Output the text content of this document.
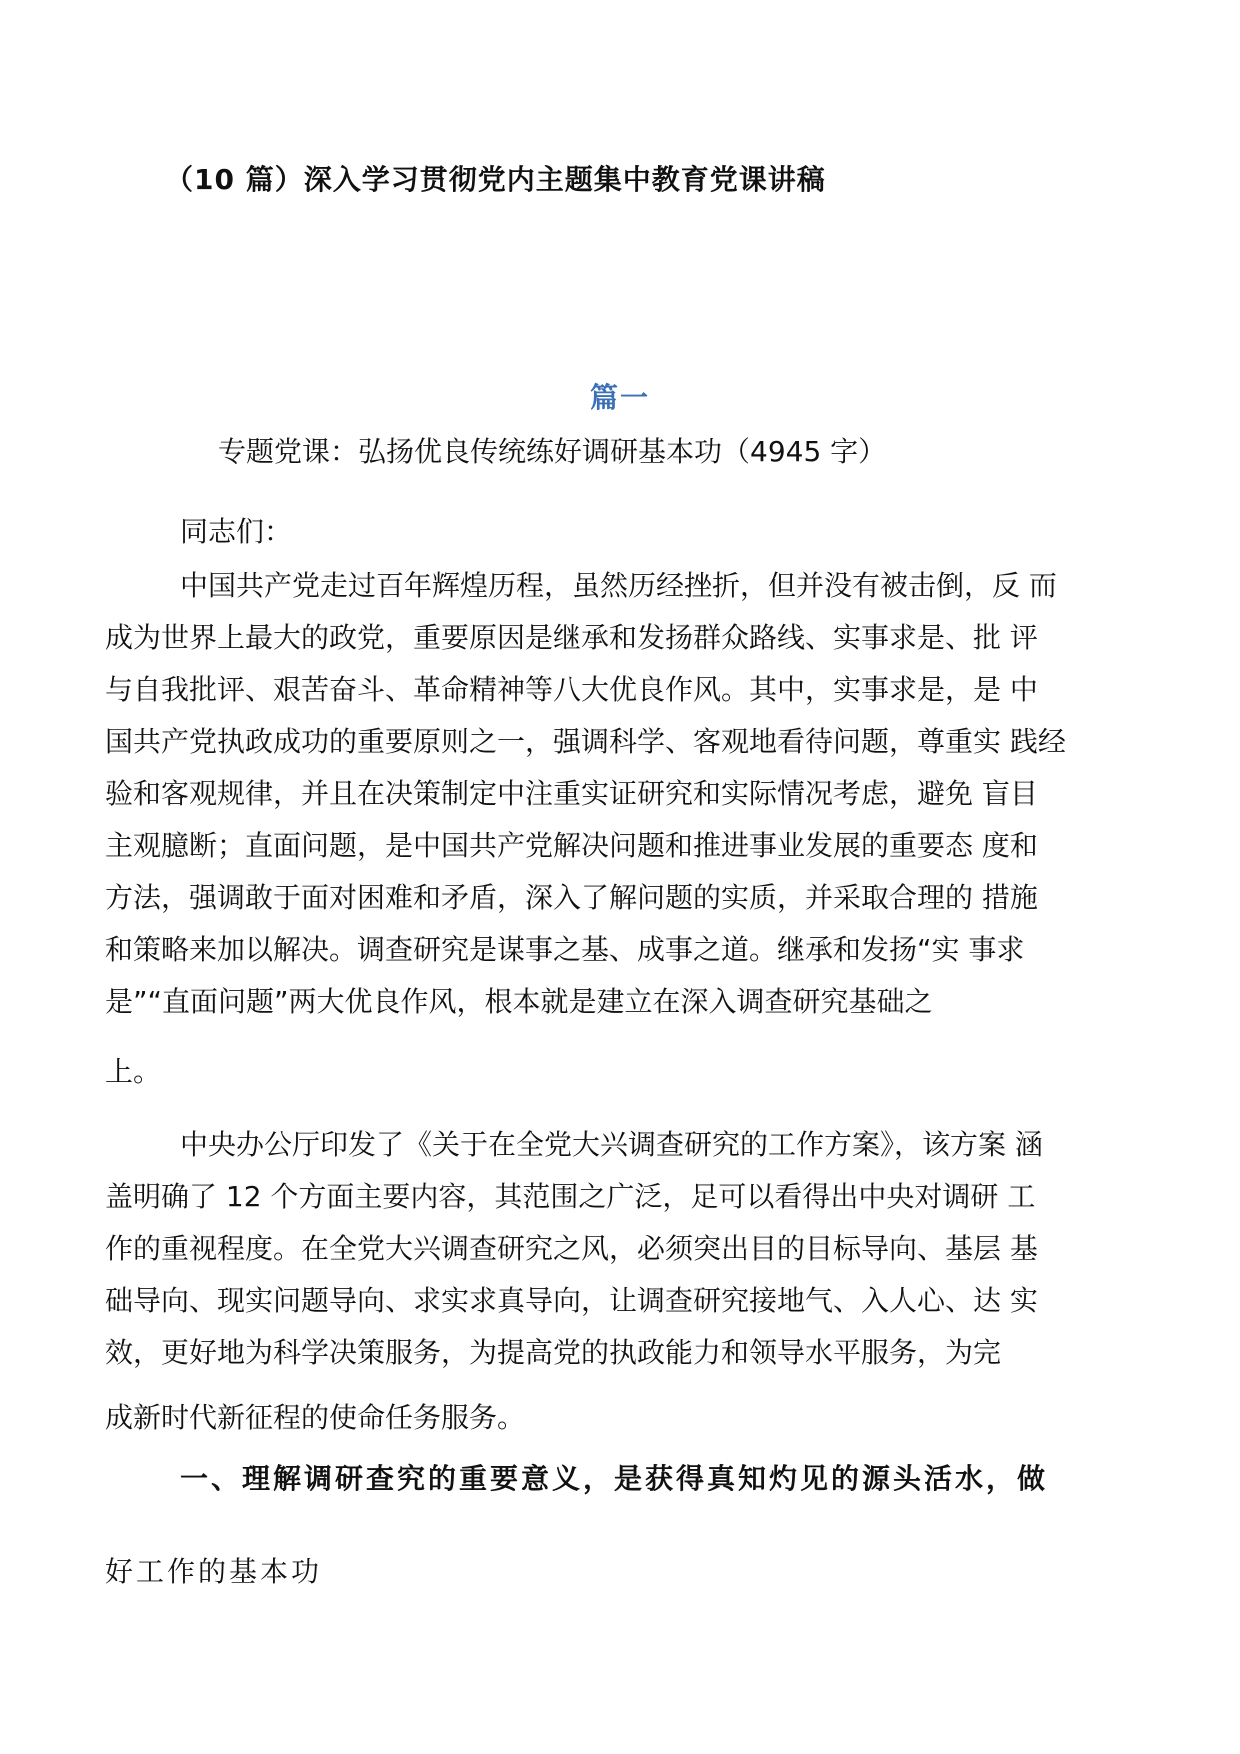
（10 篇）深入学习贯彻党内主题集中教育党课讲稿
篇一
专题党课：弘扬优良传统练好调研基本功（4945 字）
同志们：
中国共产党走过百年辉煌历程，虽然历经挫折，但并没有被击倒，反 而
成为世界上最大的政党，重要原因是继承和发扬群众路线、实事求是、批 评
与自我批评、艰苦奋斗、革命精神等八大优良作风。其中，实事求是，是 中
国共产党执政成功的重要原则之一，强调科学、客观地看待问题，尊重实 践经
验和客观规律，并且在决策制定中注重实证研究和实际情况考虑，避免 盲目
主观臆断；直面问题，是中国共产党解决问题和推进事业发展的重要态 度和
方法，强调敢于面对困难和矛盾，深入了解问题的实质，并采取合理的 措施
和策略来加以解决。调查研究是谋事之基、成事之道。继承和发扬“实 事求
是”“直面问题”两大优良作风，根本就是建立在深入调查研究基础之
上。
中央办公厅印发了《关于在全党大兴调查研究的工作方案》，该方案 涵
盖明确了 12 个方面主要内容，其范围之广泛，足可以看得出中央对调研 工
作的重视程度。在全党大兴调查研究之风，必须突出目的目标导向、基层 基
础导向、现实问题导向、求实求真导向，让调查研究接地气、入人心、达 实
效，更好地为科学决策服务，为提高党的执政能力和领导水平服务，为完
成新时代新征程的使命任务服务。
一、理解调研查究的重要意义，是获得真知灼见的源头活水，做
好工作的基本功
